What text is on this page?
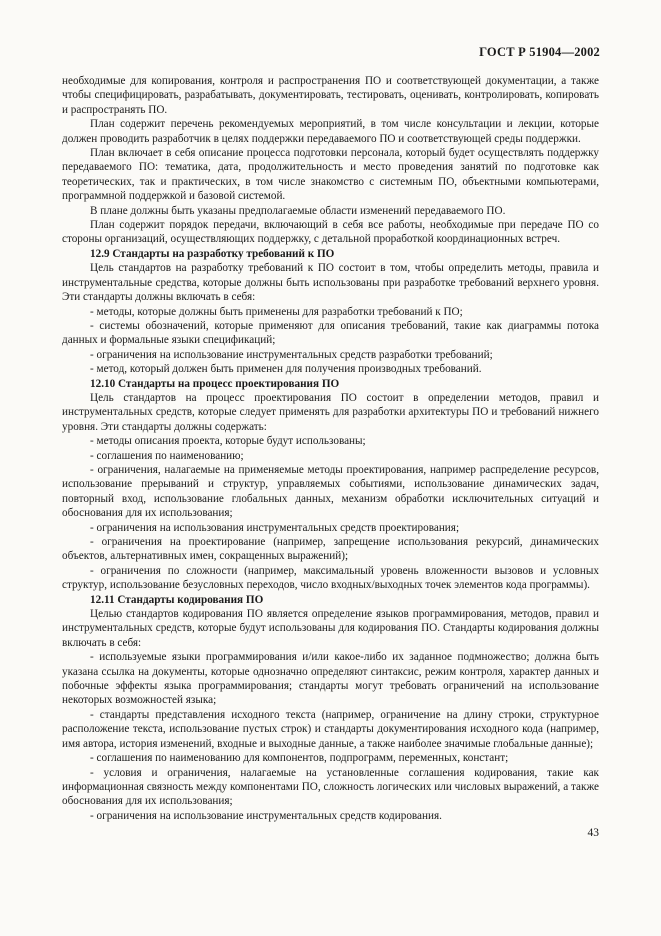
ГОСТ Р 51904—2002

необходимые для копирования, контроля и распространения ПО и соответствующей документации, а также чтобы специфицировать, разрабатывать, документировать, тестировать, оценивать, контролировать, копировать и распространять ПО.

План содержит перечень рекомендуемых мероприятий, в том числе консультации и лекции, которые должен проводить разработчик в целях поддержки передаваемого ПО и соответствующей среды поддержки.

План включает в себя описание процесса подготовки персонала, который будет осуществлять поддержку передаваемого ПО: тематика, дата, продолжительность и место проведения занятий по подготовке как теоретических, так и практических, в том числе знакомство с системным ПО, объектными компьютерами, программной поддержкой и базовой системой.

В плане должны быть указаны предполагаемые области изменений передаваемого ПО.

План содержит порядок передачи, включающий в себя все работы, необходимые при передаче ПО со стороны организаций, осуществляющих поддержку, с детальной проработкой координационных встреч.

12.9 Стандарты на разработку требований к ПО

Цель стандартов на разработку требований к ПО состоит в том, чтобы определить методы, правила и инструментальные средства, которые должны быть использованы при разработке требований верхнего уровня. Эти стандарты должны включать в себя:

- методы, которые должны быть применены для разработки требований к ПО;

- системы обозначений, которые применяют для описания требований, такие как диаграммы потока данных и формальные языки спецификаций;

- ограничения на использование инструментальных средств разработки требований;

- метод, который должен быть применен для получения производных требований.

12.10 Стандарты на процесс проектирования ПО

Цель стандартов на процесс проектирования ПО состоит в определении методов, правил и инструментальных средств, которые следует применять для разработки архитектуры ПО и требований нижнего уровня. Эти стандарты должны содержать:

- методы описания проекта, которые будут использованы;

- соглашения по наименованию;

- ограничения, налагаемые на применяемые методы проектирования, например распределение ресурсов, использование прерываний и структур, управляемых событиями, использование динамических задач, повторный вход, использование глобальных данных, механизм обработки исключительных ситуаций и обоснования для их использования;

- ограничения на использования инструментальных средств проектирования;

- ограничения на проектирование (например, запрещение использования рекурсий, динамических объектов, альтернативных имен, сокращенных выражений);

- ограничения по сложности (например, максимальный уровень вложенности вызовов и условных структур, использование безусловных переходов, число входных/выходных точек элементов кода программы).

12.11 Стандарты кодирования ПО

Целью стандартов кодирования ПО является определение языков программирования, методов, правил и инструментальных средств, которые будут использованы для кодирования ПО. Стандарты кодирования должны включать в себя:

- используемые языки программирования и/или какое-либо их заданное подмножество; должна быть указана ссылка на документы, которые однозначно определяют синтаксис, режим контроля, характер данных и побочные эффекты языка программирования; стандарты могут требовать ограничений на использование некоторых возможностей языка;

- стандарты представления исходного текста (например, ограничение на длину строки, структурное расположение текста, использование пустых строк) и стандарты документирования исходного кода (например, имя автора, история изменений, входные и выходные данные, а также наиболее значимые глобальные данные);

- соглашения по наименованию для компонентов, подпрограмм, переменных, констант;

- условия и ограничения, налагаемые на установленные соглашения кодирования, такие как информационная связность между компонентами ПО, сложность логических или числовых выражений, а также обоснования для их использования;

- ограничения на использование инструментальных средств кодирования.

43
